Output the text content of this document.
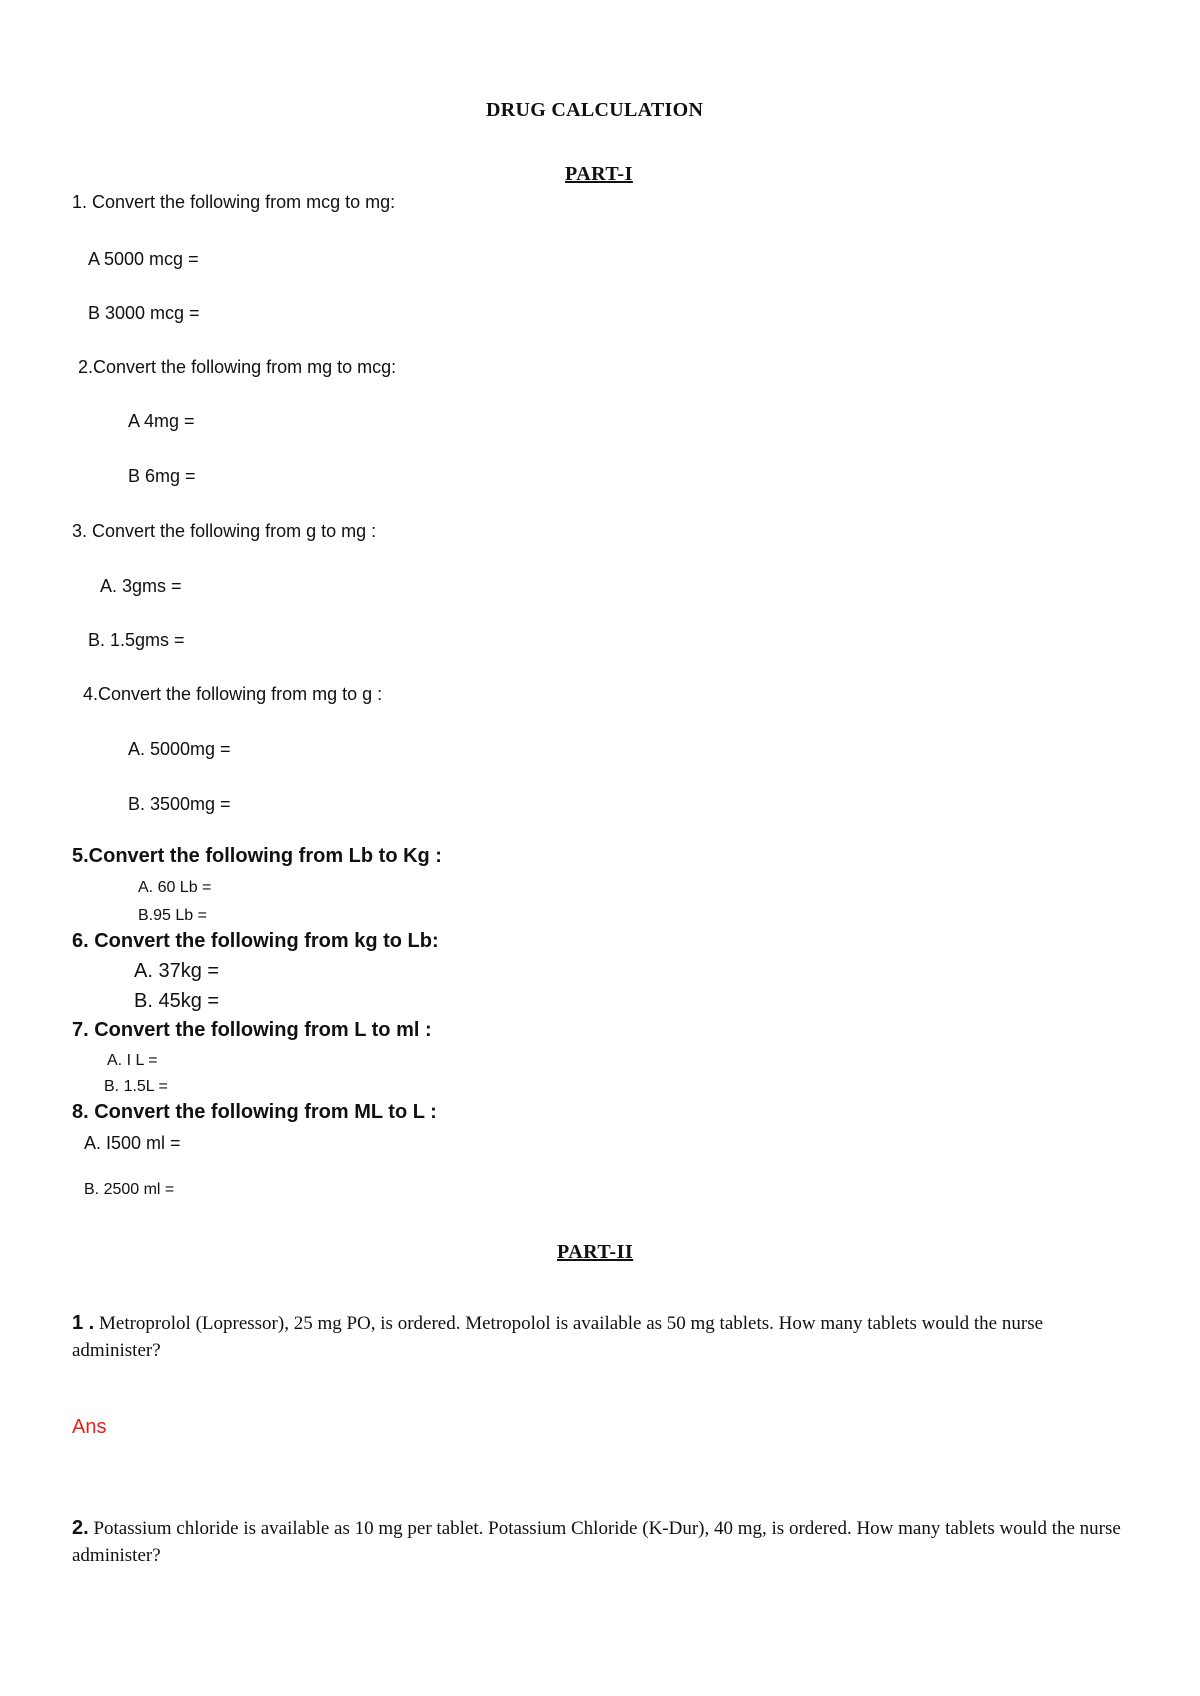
DRUG CALCULATION
PART-I

1. Convert the following from mcg to mg:

A 5000 mcg =

B 3000 mcg =

2.Convert the following from mg to mcg:

A 4mg =

B 6mg =

3. Convert the following from g to mg :

A. 3gms =

B. 1.5gms =

4.Convert the following from mg to g :

A. 5000mg =

B. 3500mg =

5.Convert the following from Lb to Kg :

A. 60 Lb =

B.95 Lb =

6. Convert the following from kg to Lb:

A. 37kg =

B. 45kg =

7. Convert the following from L to ml :

A. I L =

B. 1.5L =

8. Convert the following from ML to L :

A. I500 ml =

B. 2500 ml =

PART-II

1 . Metroprolol (Lopressor), 25 mg PO, is ordered. Metropolol is available as 50 mg tablets. How many tablets would the nurse administer?

Ans

2. Potassium chloride is available as 10 mg per tablet. Potassium Chloride (K-Dur), 40 mg, is ordered. How many tablets would the nurse administer?
